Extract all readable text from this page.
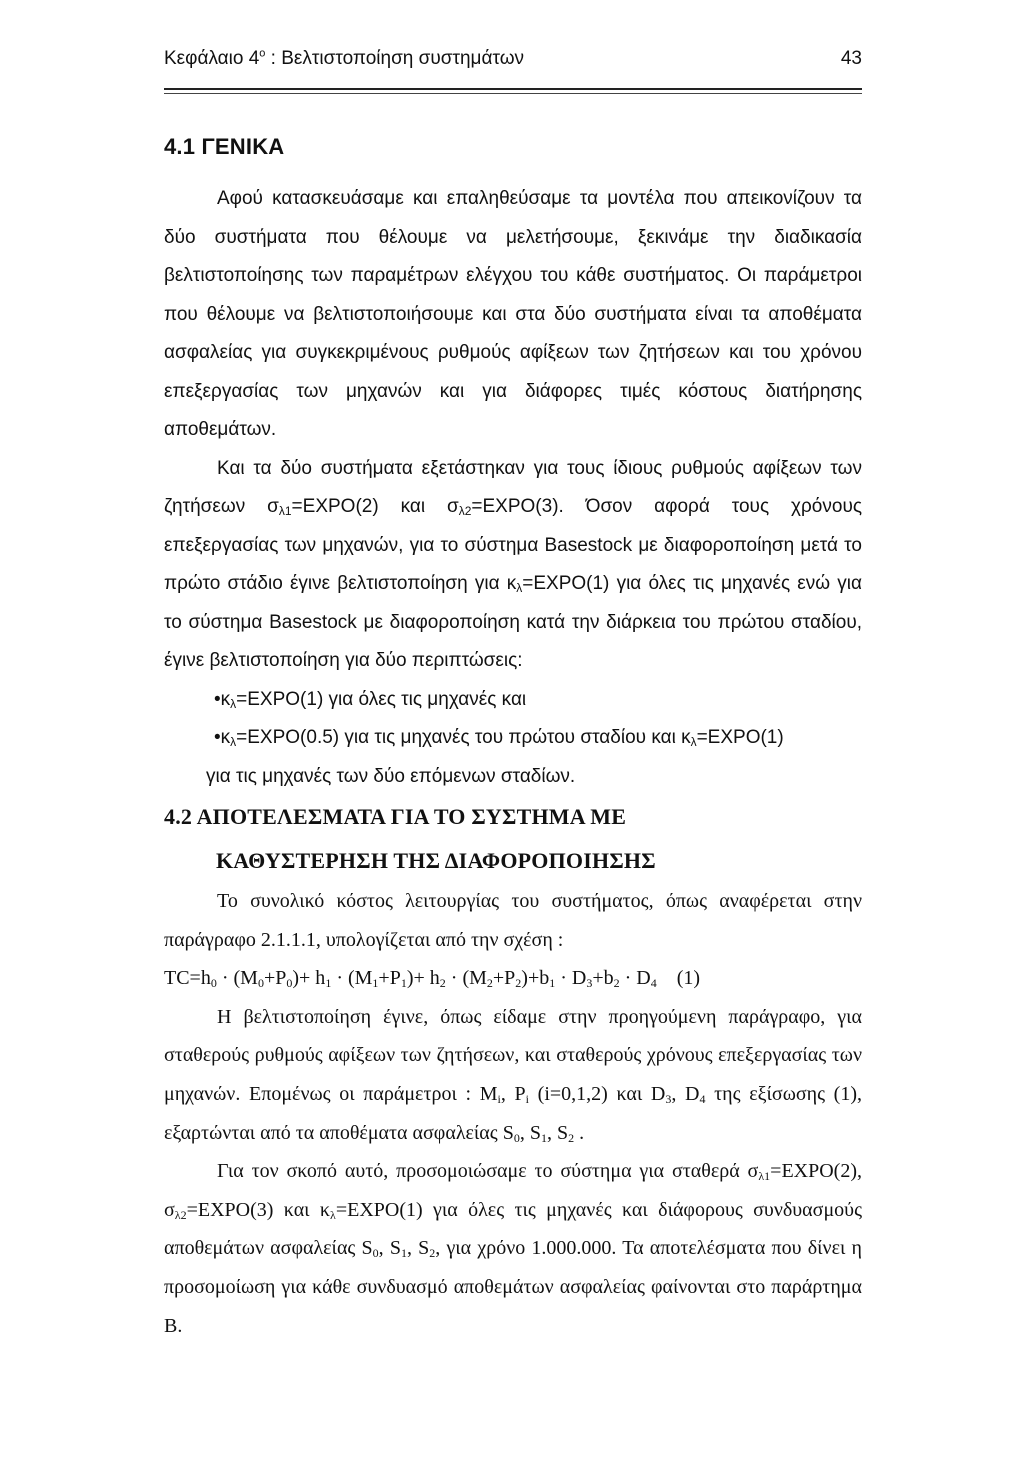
Κεφάλαιο $4^o$ : Βελτιστοποίηση συστημάτων	43
4.1 ΓΕΝΙΚΑ

Αφού κατασκευάσαμε και επαληθεύσαμε τα μοντέλα που απεικονίζουν τα δύο συστήματα που θέλουμε να μελετήσουμε, ξεκινάμε την διαδικασία βελτιστοποίησης των παραμέτρων ελέγχου του κάθε συστήματος. Οι παράμετροι που θέλουμε να βελτιστοποιήσουμε και στα δύο συστήματα είναι τα αποθέματα ασφαλείας για συγκεκριμένους ρυθμούς αφίξεων των ζητήσεων και του χρόνου επεξεργασίας των μηχανών και για διάφορες τιμές κόστους διατήρησης αποθεμάτων.

Και τα δύο συστήματα εξετάστηκαν για τους ίδιους ρυθμούς αφίξεων των ζητήσεων $\sigma_{\lambda 1}=EXPO(2)$ και $\sigma_{\lambda 2}=EXPO(3)$. Όσον αφορά τους χρόνους επεξεργασίας των μηχανών, για το σύστημα Basestock με διαφοροποίηση μετά το πρώτο στάδιο έγινε βελτιστοποίηση για $\kappa_\lambda=EXPO(1)$ για όλες τις μηχανές ενώ για το σύστημα Basestock με διαφοροποίηση κατά την διάρκεια του πρώτου σταδίου, έγινε βελτιστοποίηση για δύο περιπτώσεις:

$•\kappa_\lambda=EXPO(1)$ για όλες τις μηχανές και

$•\kappa_\lambda=EXPO(0.5)$ για τις μηχανές του πρώτου σταδίου και $\kappa_\lambda=EXPO(1)$

για τις μηχανές των δύο επόμενων σταδίων.

4.2 ΑΠΟΤΕΛΕΣΜΑΤΑ ΓΙΑ ΤΟ ΣΥΣΤΗΜΑ ΜΕ
ΚΑΘΥΣΤΕΡΗΣΗ ΤΗΣ ΔΙΑΦΟΡΟΠΟΙΗΣΗΣ

Το συνολικό κόστος λειτουργίας του συστήματος, όπως αναφέρεται στην παράγραφο 2.1.1.1, υπολογίζεται από την σχέση :

$TC=h_0 \cdot (M_0+P_0)+ h_1 \cdot (M_1+P_1)+ h_2 \cdot (M_2+P_2)+b_1 \cdot D_3+b_2 \cdot D_4$    (1)

Η βελτιστοποίηση έγινε, όπως είδαμε στην προηγούμενη παράγραφο, για σταθερούς ρυθμούς αφίξεων των ζητήσεων, και σταθερούς χρόνους επεξεργασίας των μηχανών. Επομένως οι παράμετροι : $M_i$, $P_i$ (i=0,1,2) και $D_3$, $D_4$ της εξίσωσης (1), εξαρτώνται από τα αποθέματα ασφαλείας $S_0$, $S_1$, $S_2$ .

Για τον σκοπό αυτό, προσομοιώσαμε το σύστημα για σταθερά $\sigma_{\lambda 1}=EXPO(2)$, $\sigma_{\lambda 2}=EXPO(3)$ και $\kappa_\lambda=EXPO(1)$ για όλες τις μηχανές και διάφορους συνδυασμούς αποθεμάτων ασφαλείας $S_0$, $S_1$, $S_2$, για χρόνο 1.000.000. Τα αποτελέσματα που δίνει η προσομοίωση για κάθε συνδυασμό αποθεμάτων ασφαλείας φαίνονται στο παράρτημα Β.
